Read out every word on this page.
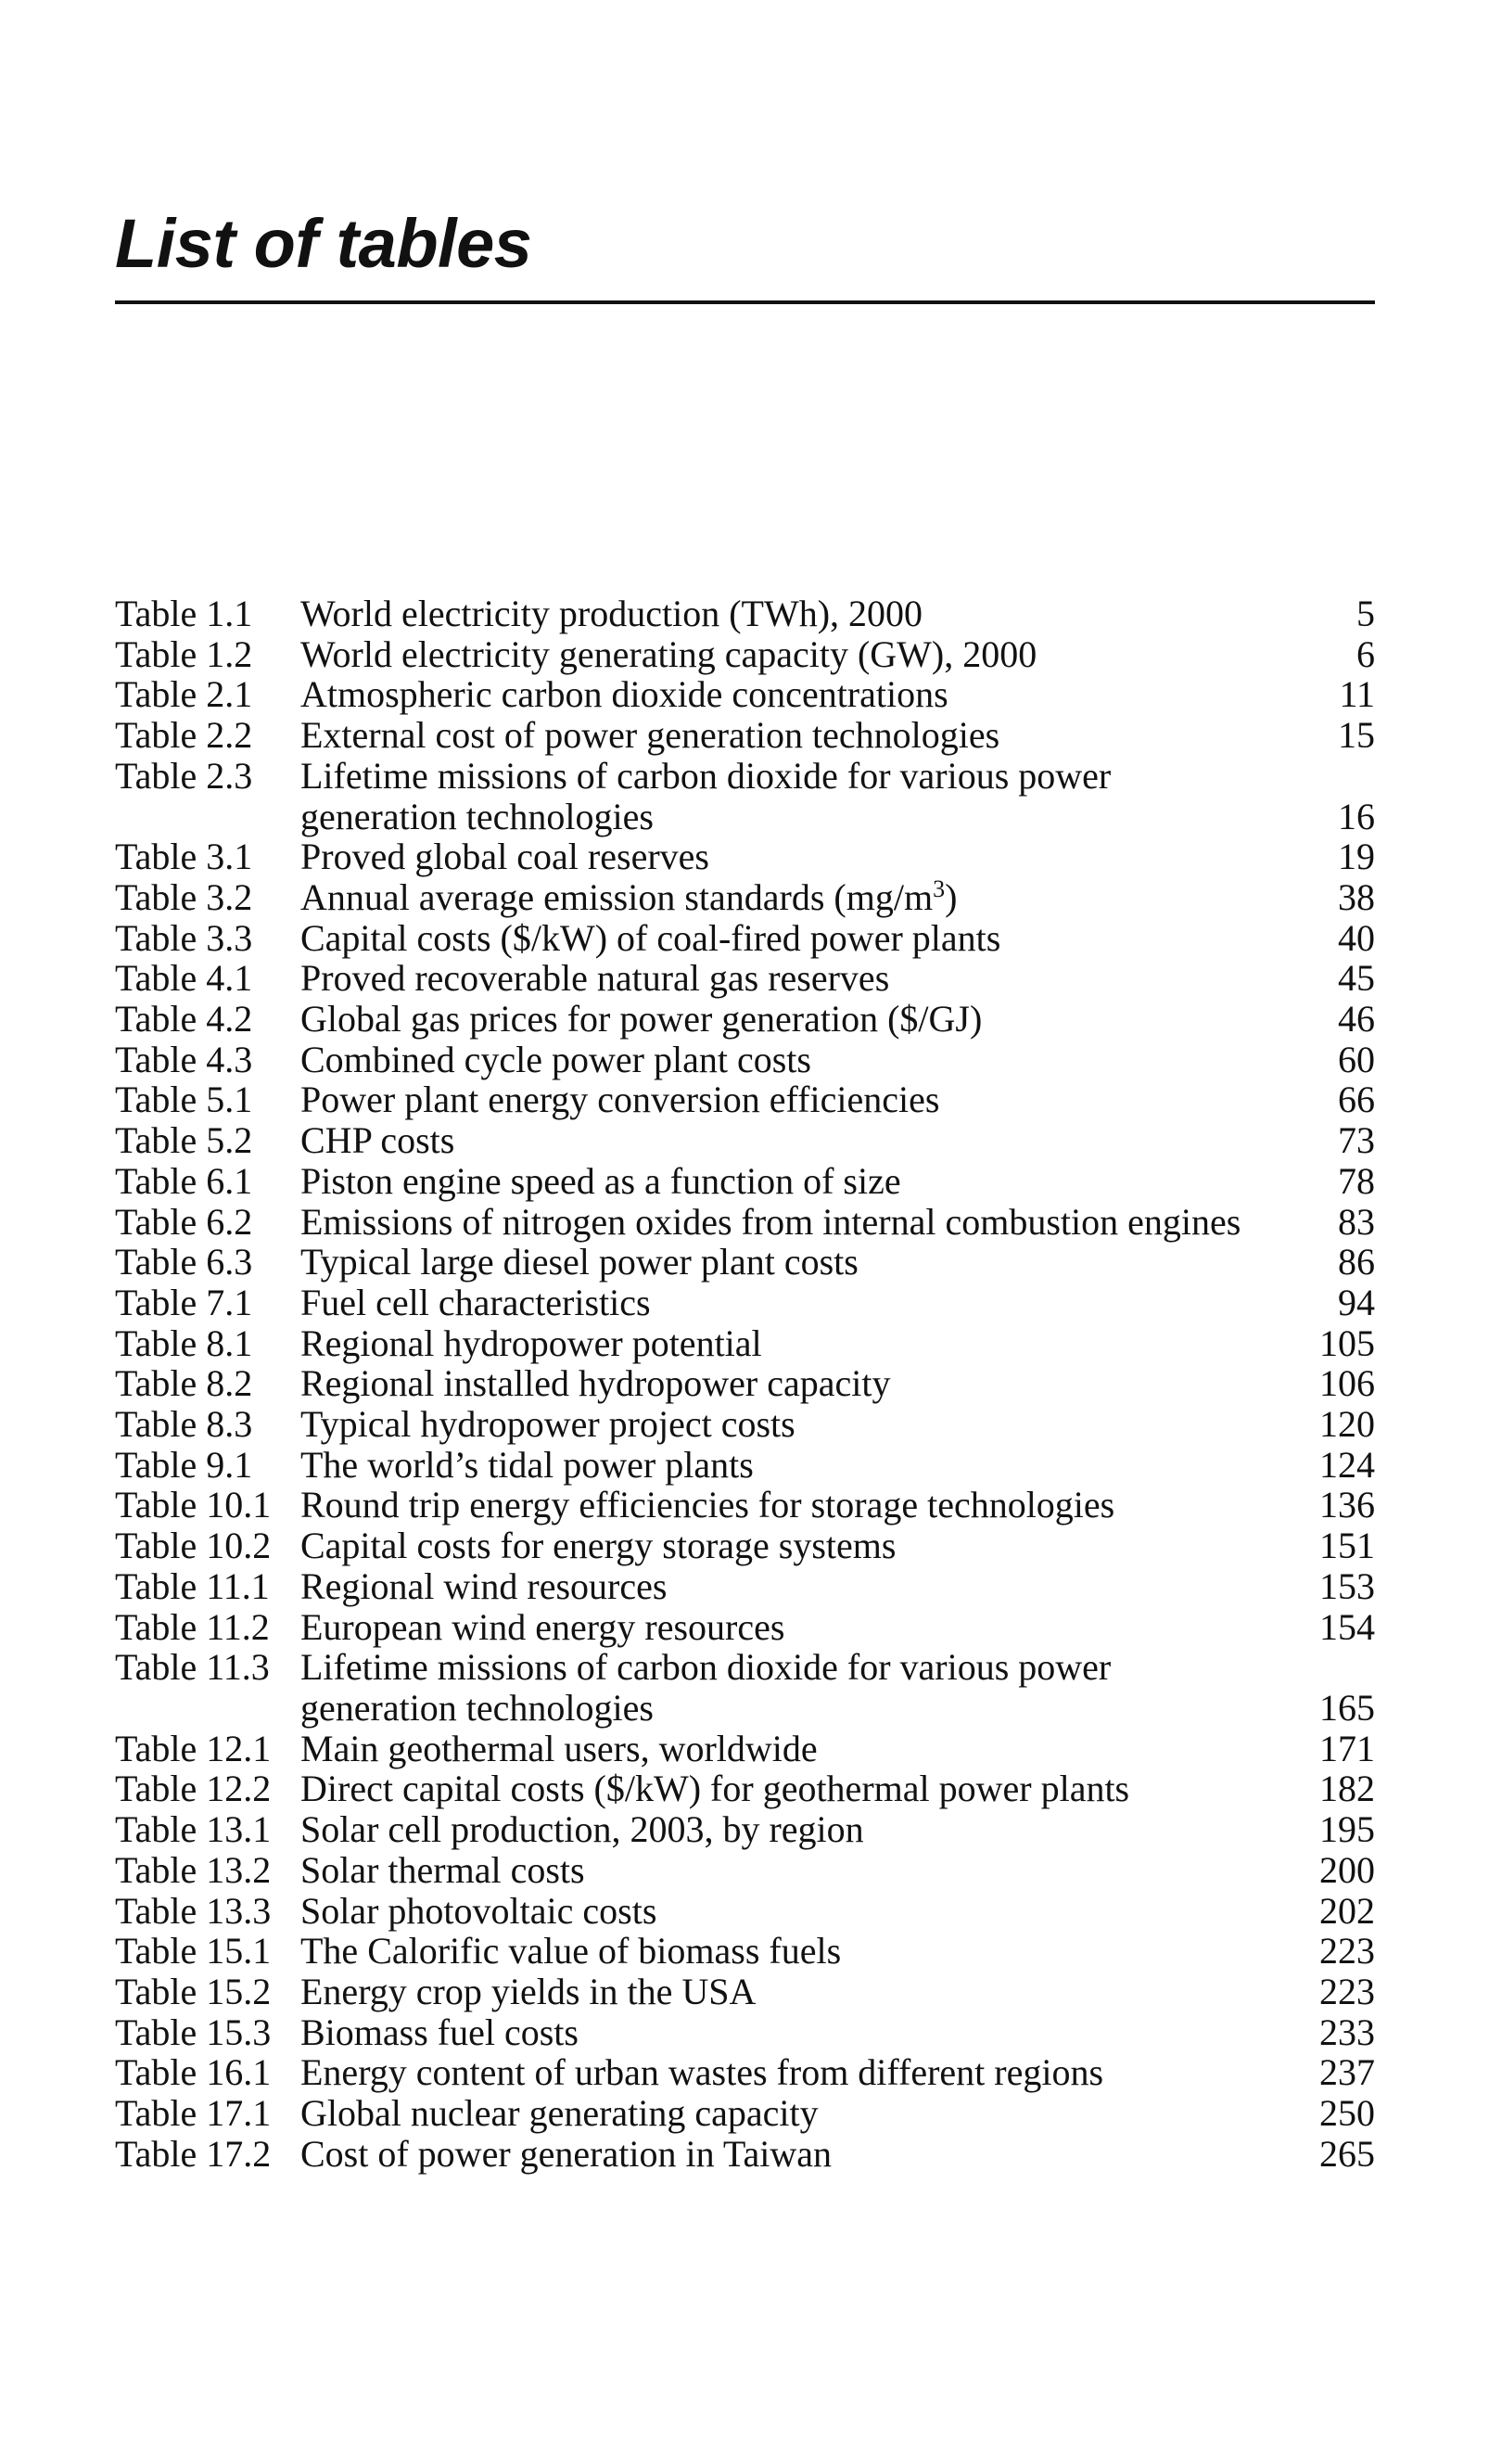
List of tables
Table 1.1	World electricity production (TWh), 2000	5
Table 1.2	World electricity generating capacity (GW), 2000	6
Table 2.1	Atmospheric carbon dioxide concentrations	11
Table 2.2	External cost of power generation technologies	15
Table 2.3	Lifetime missions of carbon dioxide for various power generation technologies	16
Table 3.1	Proved global coal reserves	19
Table 3.2	Annual average emission standards $(mg/m^3)$	38
Table 3.3	Capital costs ($/kW) of coal-fired power plants	40
Table 4.1	Proved recoverable natural gas reserves	45
Table 4.2	Global gas prices for power generation ($/GJ)	46
Table 4.3	Combined cycle power plant costs	60
Table 5.1	Power plant energy conversion efficiencies	66
Table 5.2	CHP costs	73
Table 6.1	Piston engine speed as a function of size	78
Table 6.2	Emissions of nitrogen oxides from internal combustion engines	83
Table 6.3	Typical large diesel power plant costs	86
Table 7.1	Fuel cell characteristics	94
Table 8.1	Regional hydropower potential	105
Table 8.2	Regional installed hydropower capacity	106
Table 8.3	Typical hydropower project costs	120
Table 9.1	The world’s tidal power plants	124
Table 10.1 Round trip energy efficiencies for storage technologies	136
Table 10.2 Capital costs for energy storage systems	151
Table 11.1 Regional wind resources	153
Table 11.2 European wind energy resources	154
Table 11.3 Lifetime missions of carbon dioxide for various power generation technologies	165
Table 12.1 Main geothermal users, worldwide	171
Table 12.2 Direct capital costs ($/kW) for geothermal power plants	182
Table 13.1 Solar cell production, 2003, by region	195
Table 13.2 Solar thermal costs	200
Table 13.3 Solar photovoltaic costs	202
Table 15.1 The Calorific value of biomass fuels	223
Table 15.2 Energy crop yields in the USA	223
Table 15.3 Biomass fuel costs	233
Table 16.1 Energy content of urban wastes from different regions	237
Table 17.1 Global nuclear generating capacity	250
Table 17.2 Cost of power generation in Taiwan	265
